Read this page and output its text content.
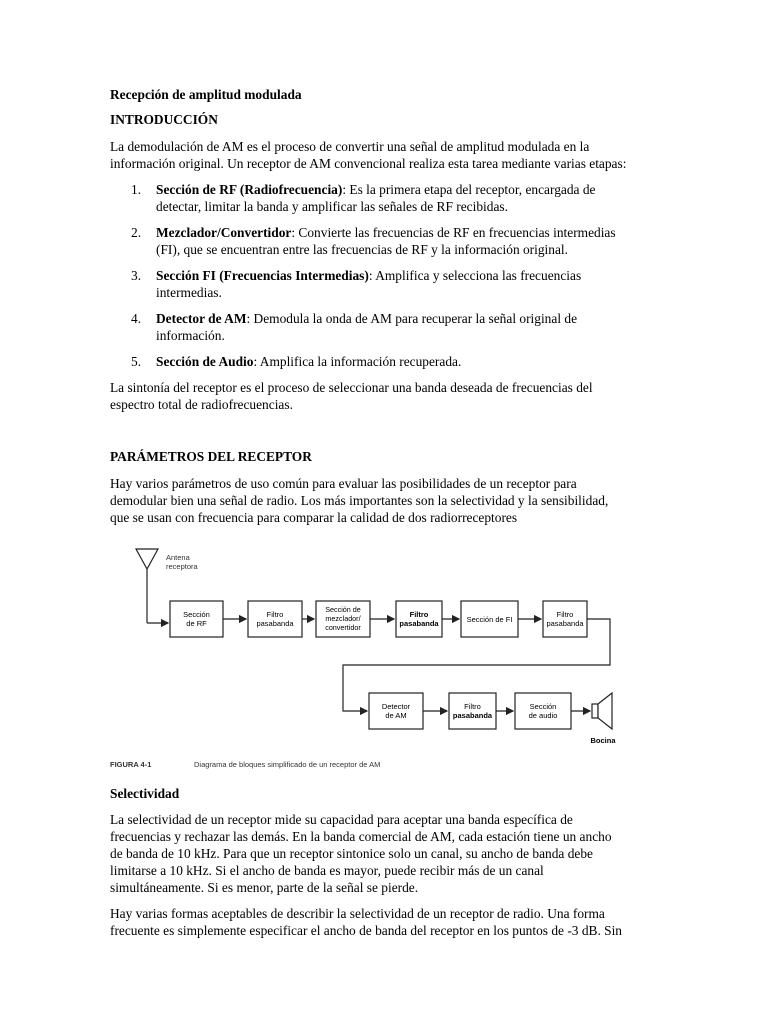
Recepción de amplitud modulada
INTRODUCCIÓN
La demodulación de AM es el proceso de convertir una señal de amplitud modulada en la
información original. Un receptor de AM convencional realiza esta tarea mediante varias etapas:
1. Sección de RF (Radiofrecuencia): Es la primera etapa del receptor, encargada de
detectar, limitar la banda y amplificar las señales de RF recibidas.
2. Mezclador/Convertidor: Convierte las frecuencias de RF en frecuencias intermedias
(FI), que se encuentran entre las frecuencias de RF y la información original.
3. Sección FI (Frecuencias Intermedias): Amplifica y selecciona las frecuencias
intermedias.
4. Detector de AM: Demodula la onda de AM para recuperar la señal original de
información.
5. Sección de Audio: Amplifica la información recuperada.
La sintonía del receptor es el proceso de seleccionar una banda deseada de frecuencias del
espectro total de radiofrecuencias.
PARÁMETROS DEL RECEPTOR
Hay varios parámetros de uso común para evaluar las posibilidades de un receptor para
demodular bien una señal de radio. Los más importantes son la selectividad y la sensibilidad,
que se usan con frecuencia para comparar la calidad de dos radiorreceptores
Antena
receptora
Sección
de RF
Filtro
pasabanda
Sección de
mezclador/
convertidor
Filtro
pasabanda	Sección de FI
Filtro
pasabanda
Detector
de AM
Filtro
pasabanda
Sección
de audio
Bocina
FIGURA 4-1	Diagrama de bloques simplificado de un receptor de AM
Selectividad
La selectividad de un receptor mide su capacidad para aceptar una banda específica de
frecuencias y rechazar las demás. En la banda comercial de AM, cada estación tiene un ancho
de banda de 10 kHz. Para que un receptor sintonice solo un canal, su ancho de banda debe
limitarse a 10 kHz. Si el ancho de banda es mayor, puede recibir más de un canal
simultáneamente. Si es menor, parte de la señal se pierde.
Hay varias formas aceptables de describir la selectividad de un receptor de radio. Una forma
frecuente es simplemente especificar el ancho de banda del receptor en los puntos de -3 dB. Sin
